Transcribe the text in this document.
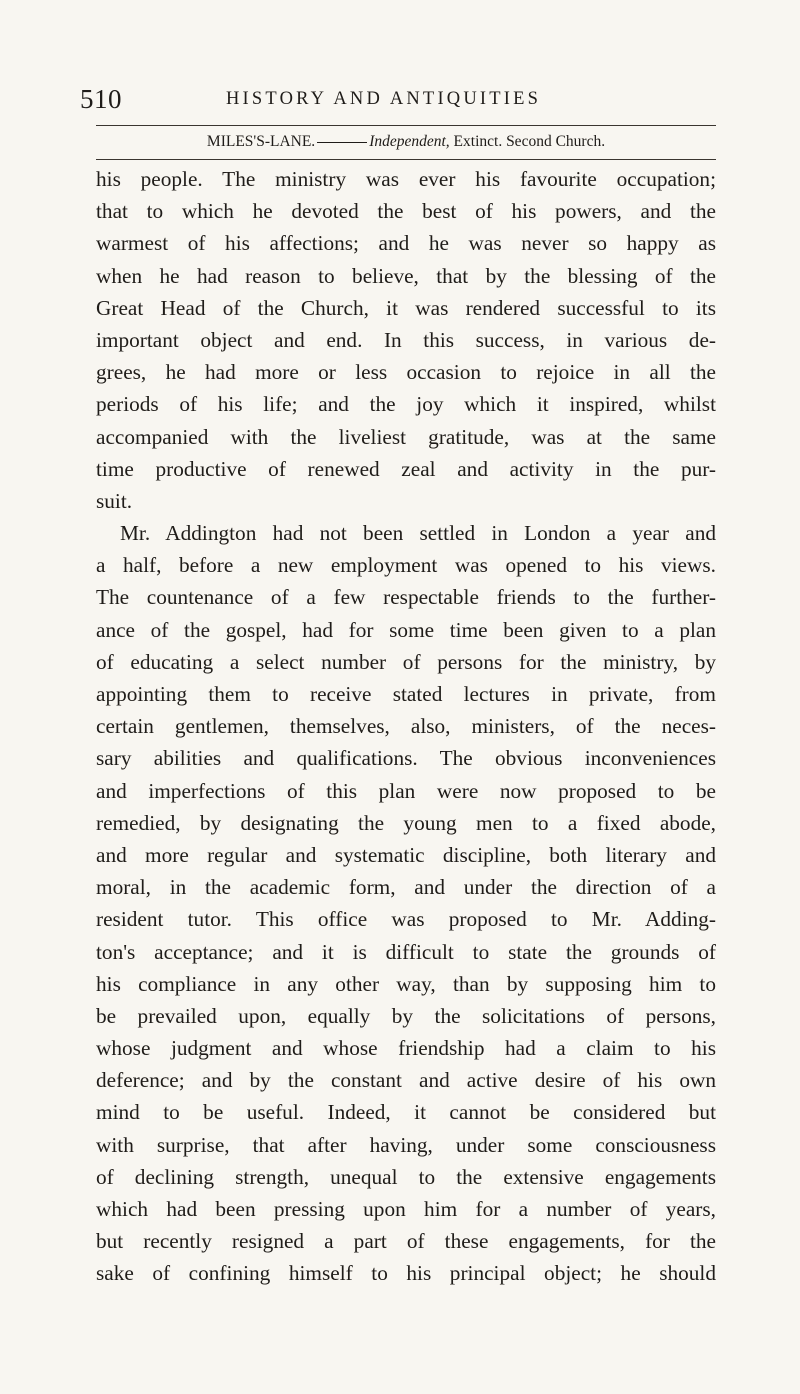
510	HISTORY AND ANTIQUITIES
MILES'S-LANE.	Independent, Extinct. Second Church.
his people. The ministry was ever his favourite occupation;
that to which he devoted the best of his powers, and the
warmest of his affections; and he was never so happy as
when he had reason to believe, that by the blessing of the
Great Head of the Church, it was rendered successful to its
important object and end. In this success, in various de-
grees, he had more or less occasion to rejoice in all the
periods of his life; and the joy which it inspired, whilst
accompanied with the liveliest gratitude, was at the same
time productive of renewed zeal and activity in the pur-
suit.
Mr. Addington had not been settled in London a year and
a half, before a new employment was opened to his views.
The countenance of a few respectable friends to the further-
ance of the gospel, had for some time been given to a plan
of educating a select number of persons for the ministry, by
appointing them to receive stated lectures in private, from
certain gentlemen, themselves, also, ministers, of the neces-
sary abilities and qualifications. The obvious inconveniences
and imperfections of this plan were now proposed to be
remedied, by designating the young men to a fixed abode,
and more regular and systematic discipline, both literary and
moral, in the academic form, and under the direction of a
resident tutor. This office was proposed to Mr. Adding-
ton's acceptance; and it is difficult to state the grounds of
his compliance in any other way, than by supposing him to
be prevailed upon, equally by the solicitations of persons,
whose judgment and whose friendship had a claim to his
deference; and by the constant and active desire of his own
mind to be useful. Indeed, it cannot be considered but
with surprise, that after having, under some consciousness
of declining strength, unequal to the extensive engagements
which had been pressing upon him for a number of years,
but recently resigned a part of these engagements, for the
sake of confining himself to his principal object; he should
